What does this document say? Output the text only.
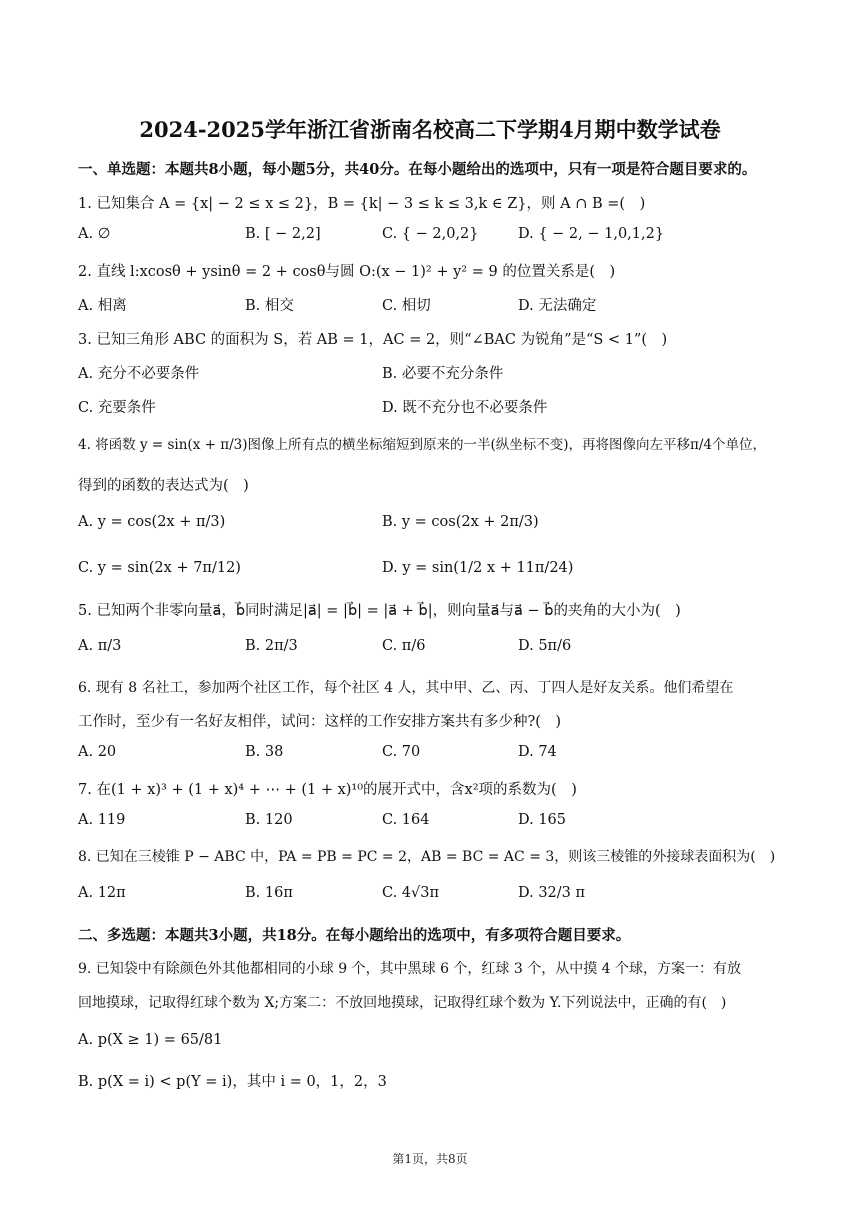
2024-2025学年浙江省浙南名校高二下学期4月期中数学试卷
一、单选题：本题共8小题，每小题5分，共40分。在每小题给出的选项中，只有一项是符合题目要求的。
1. 已知集合 A = {x| − 2 ≤ x ≤ 2}，B = {k| − 3 ≤ k ≤ 3,k ∈ Z}，则 A ∩ B =(　)
A. ∅	B. [ − 2,2]	C. { − 2,0,2}	D. { − 2, − 1,0,1,2}
2. 直线 l:xcosθ + ysinθ = 2 + cosθ与圆 O:(x − 1)² + y² = 9 的位置关系是(　)
A. 相离	B. 相交	C. 相切	D. 无法确定
3. 已知三角形 ABC 的面积为 S，若 AB = 1，AC = 2，则“∠BAC 为锐角”是“S < 1”(　)
A. 充分不必要条件	B. 必要不充分条件
C. 充要条件	D. 既不充分也不必要条件
4. 将函数 y = sin(x + π/3)图像上所有点的横坐标缩短到原来的一半(纵坐标不变)，再将图像向左平移π/4个单位，
得到的函数的表达式为(　)
A. y = cos(2x + π/3)	B. y = cos(2x + 2π/3)
C. y = sin(2x + 7π/12)	D. y = sin(1/2 x + 11π/24)
5. 已知两个非零向量a⃗，b⃗同时满足|a⃗| = |b⃗| = |a⃗ + b⃗|，则向量a⃗与a⃗ − b⃗的夹角的大小为(　)
A. π/3	B. 2π/3	C. π/6	D. 5π/6
6. 现有 8 名社工，参加两个社区工作，每个社区 4 人，其中甲、乙、丙、丁四人是好友关系。他们希望在
工作时，至少有一名好友相伴，试问：这样的工作安排方案共有多少种?(　)
A. 20	B. 38	C. 70	D. 74
7. 在(1 + x)³ + (1 + x)⁴ + ⋯ + (1 + x)¹⁰的展开式中，含x²项的系数为(　)
A. 119	B. 120	C. 164	D. 165
8. 已知在三棱锥 P − ABC 中，PA = PB = PC = 2，AB = BC = AC = 3，则该三棱锥的外接球表面积为(　)
A. 12π	B. 16π	C. 4√3π	D. 32/3 π
二、多选题：本题共3小题，共18分。在每小题给出的选项中，有多项符合题目要求。
9. 已知袋中有除颜色外其他都相同的小球 9 个，其中黑球 6 个，红球 3 个，从中摸 4 个球，方案一：有放
回地摸球，记取得红球个数为 X;方案二：不放回地摸球，记取得红球个数为 Y.下列说法中，正确的有(　)
A. p(X ≥ 1) = 65/81
B. p(X = i) < p(Y = i)，其中 i = 0，1，2，3
第1页，共8页
